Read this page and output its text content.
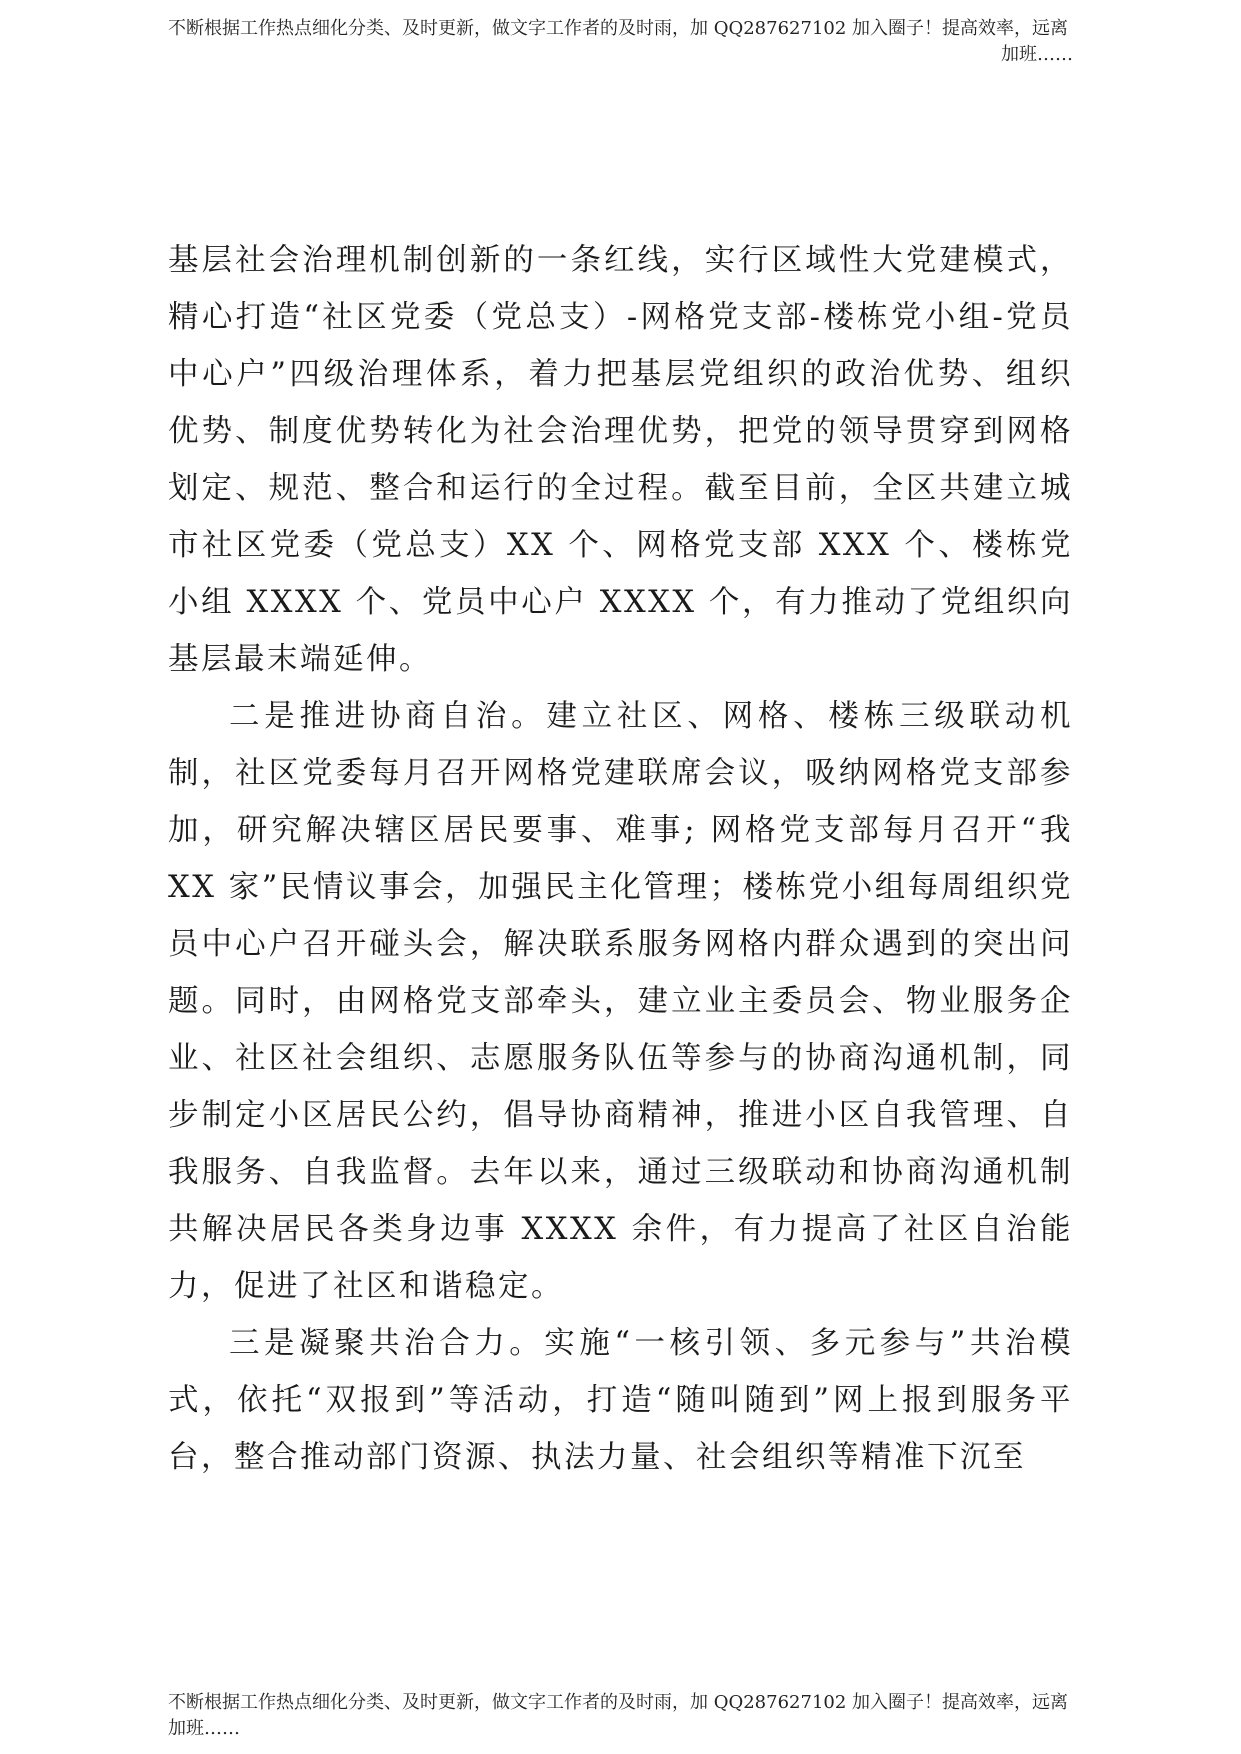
不断根据工作热点细化分类、及时更新，做文字工作者的及时雨，加 QQ287627102 加入圈子！提高效率，远离
加班……

基层社会治理机制创新的一条红线，实行区域性大党建模式，精心打造“社区党委（党总支）-网格党支部-楼栋党小组-党员中心户”四级治理体系，着力把基层党组织的政治优势、组织优势、制度优势转化为社会治理优势，把党的领导贯穿到网格划定、规范、整合和运行的全过程。截至目前，全区共建立城市社区党委（党总支）XX 个、网格党支部 XXX 个、楼栋党小组 XXXX 个、党员中心户 XXXX 个，有力推动了党组织向基层最末端延伸。

二是推进协商自治。建立社区、网格、楼栋三级联动机制，社区党委每月召开网格党建联席会议，吸纳网格党支部参加，研究解决辖区居民要事、难事; 网格党支部每月召开“我 XX 家”民情议事会，加强民主化管理；楼栋党小组每周组织党员中心户召开碰头会，解决联系服务网格内群众遇到的突出问题。同时，由网格党支部牵头，建立业主委员会、物业服务企业、社区社会组织、志愿服务队伍等参与的协商沟通机制，同步制定小区居民公约，倡导协商精神，推进小区自我管理、自我服务、自我监督。去年以来，通过三级联动和协商沟通机制共解决居民各类身边事 XXXX 余件，有力提高了社区自治能力，促进了社区和谐稳定。

三是凝聚共治合力。实施“一核引领、多元参与”共治模式，依托“双报到”等活动，打造“随叫随到”网上报到服务平台，整合推动部门资源、执法力量、社会组织等精准下沉至

不断根据工作热点细化分类、及时更新，做文字工作者的及时雨，加 QQ287627102 加入圈子！提高效率，远离
加班……
